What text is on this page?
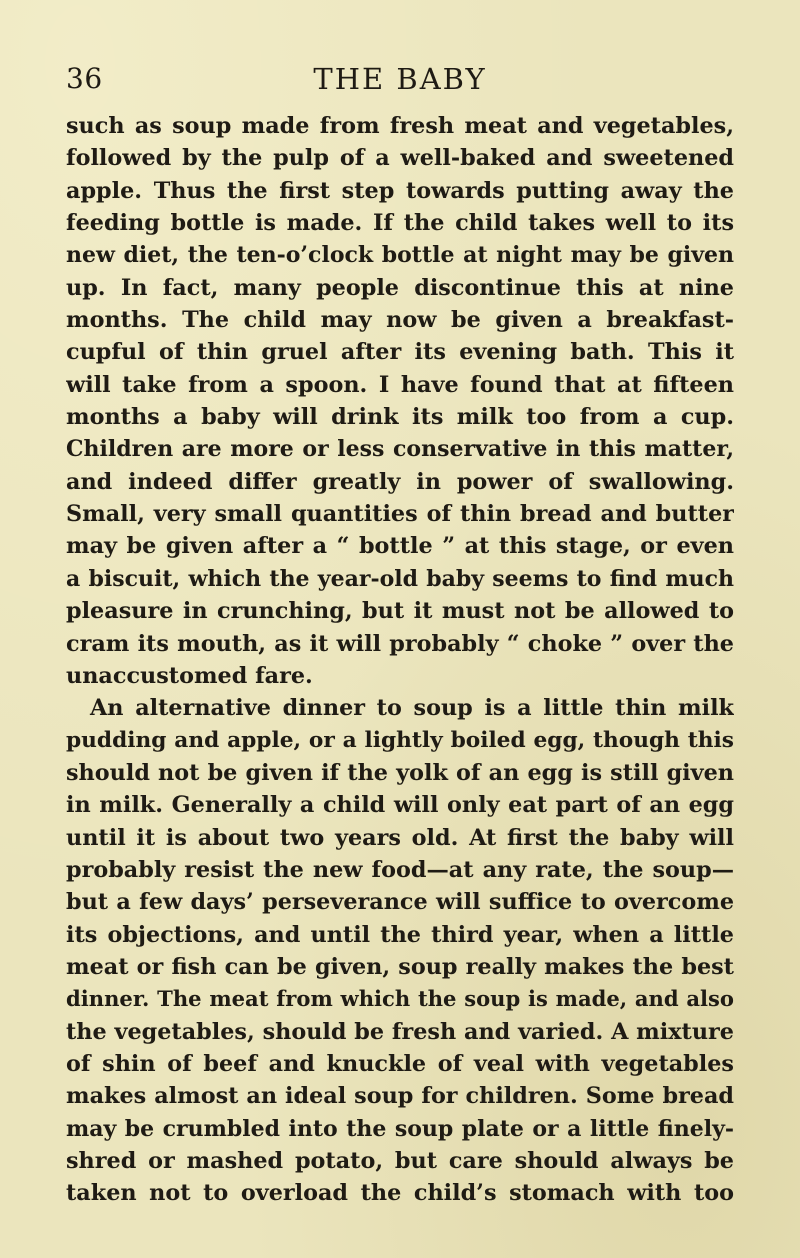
36	THE BABY
such as soup made from fresh meat and vegetables,
followed by the pulp of a well-baked and sweetened
apple. Thus the first step towards putting away the
feeding bottle is made. If the child takes well to its
new diet, the ten-o’clock bottle at night may be given
up. In fact, many people discontinue this at nine
months. The child may now be given a breakfast-
cupful of thin gruel after its evening bath. This it
will take from a spoon. I have found that at fifteen
months a baby will drink its milk too from a cup.
Children are more or less conservative in this matter,
and indeed differ greatly in power of swallowing.
Small, very small quantities of thin bread and butter
may be given after a “ bottle ” at this stage, or even
a biscuit, which the year-old baby seems to find much
pleasure in crunching, but it must not be allowed to
cram its mouth, as it will probably “ choke ” over the
unaccustomed fare.
An alternative dinner to soup is a little thin milk
pudding and apple, or a lightly boiled egg, though this
should not be given if the yolk of an egg is still given
in milk. Generally a child will only eat part of an egg
until it is about two years old. At first the baby will
probably resist the new food—at any rate, the soup—
but a few days’ perseverance will suffice to overcome
its objections, and until the third year, when a little
meat or fish can be given, soup really makes the best
dinner. The meat from which the soup is made, and also
the vegetables, should be fresh and varied. A mixture
of shin of beef and knuckle of veal with vegetables
makes almost an ideal soup for children. Some bread
may be crumbled into the soup plate or a little finely-
shred or mashed potato, but care should always be
taken not to overload the child’s stomach with too
